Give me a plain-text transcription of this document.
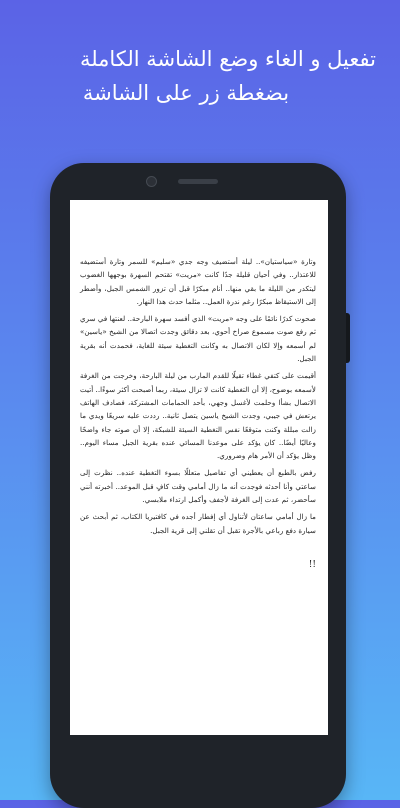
تفعيل و الغاء وضع الشاشة الكاملة
بضغطة زر على الشاشة

وتارة «سياستيان».. ليلة أستضيف وجه جدي «سليم» للسمر وتارة أستضيفه للاعتذار.. وفي أحيان قليلة جدًا كانت «مريت» تقتحم السهرة بوجهها الغضوب ليتكدر من الليلة ما بقي منها.. أنام مبكرًا قبل أن تزور الشمس الجبل، وأضطر إلى الاستيقاظ مبكرًا رغم ندرة العمل.. مثلما حدث هذا النهار.

صحوت كدرًا نائمًا على وجه «مريت» الذي أفسد سهرة البارحة.. لعنتها في سري ثم رفع صوت مسموع صراخ أحوي، بعد دقائق وجدت اتصالا من الشيخ «ياسين» لم أسمعه وإلا لكان الاتصال به وكانت التغطية سيئة للغاية، فحمدت أنه بقرية الجبل.

أقيمت على كتفي غطاء تقيلًا للقدم المارب من ليلة البارحة، وخرجت من الغرفة لأسمعه بوضوح، إلا أن التغطية كانت لا تزال سيئة، ربما أصبحت أكثر سوءًا.. أتيت الاتصال بشأا وحلمت لأغسل وجهي، بأحد الحمامات المشتركة، فصادف الهاتف يرتعش في جيبي، وجدت الشيخ ياسين يتصل ثانية.. رددت عليه سريعًا ويدي ما زالت مبللة وكنت متوقعًا نفس التغطية السيئة للشبكة، إلا أن صوته جاء واضحًا وعاليًا أيضًا.. كان يؤكد على موعدنا المسائي عنده بقرية الجبل مساء اليوم.. وظل يؤكد أن الأمر هام وضروري.

رفض بالطبع أن يعطيني أي تفاصيل متعللًا بسوء التغطية عنده.. نظرت إلى ساعتي وأنا أحدثه فوجدت أنه ما زال أمامي وقت كافٍ قبل الموعد.. أخبرته أنني سأحضر، ثم عدت إلى الغرفة لأجفف وأكمل ارتداء ملابسي.

ما زال أمامي ساعتان لأتناول أي إفطار أجده في كافتيريا الكتاب، ثم أبحث عن سيارة دفع رباعي بالأجرة تقبل أن تقلني إلى قرية الجبل.

!!
